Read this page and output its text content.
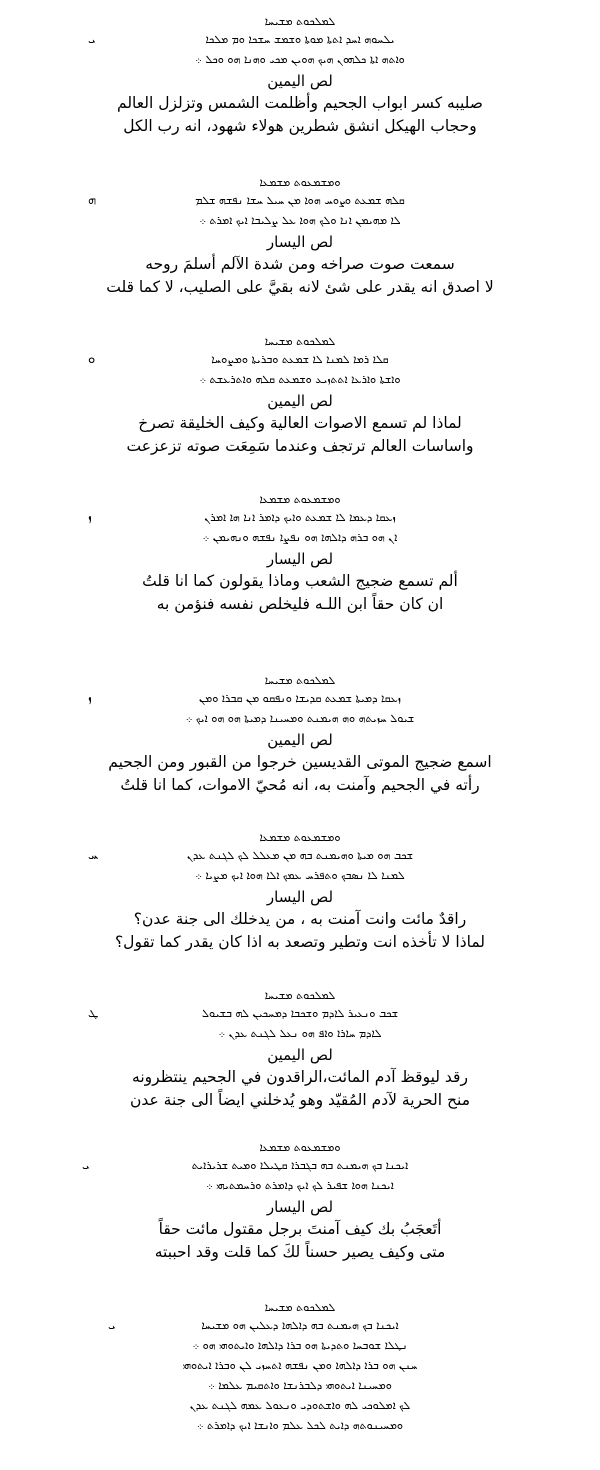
ܠܡܠܟܘܬ ܡܫܝܚܐ
ܝܠܚܘܗ ܐܚܕ ܐܬܬܐ ܡܘܬܐ ܘܫܡܫ ܚܫܟܐ ܘܡ ܡܠܟܐ
ܝ
ܘܐܬܗ ܐܬܐ ܟܠܗܘܢ ܗܝܟ ܗܘܝܢ ܡܟܝ ܘܗܢܐ ܗܘ ܘܟܠ ܀
لص اليمين
صليبه كسر ابواب الجحيم وأظلمت الشمس وتزلزل العالم
وحجاب الهيكل انشق شطرين هولاء شهود، انه رب الكل
ܘܡܫܡܥܘܬ ܡܫܡܥܐ
ܩܠܗ ܫܡܥܬ ܘܨܘܚ ܗܘܐ ܡܢ ܚܝܠ ܚܫܐ ܢܦܫܗ ܫܠܡ
ܗ
ܠܐ ܡܗܝܡܢ ܐܢܐ ܘܠܟ ܗܘܐ ܥܠ ܨܠܝܒܐ ܐܝܟ ܐܡܪܬ ܀
لص اليسار
سمعت صوت صراخه ومن شدة الآلم أسلمَ روحه
لا اصدق انه يقدر على شئ لانه بقيَّ على الصليب، لا كما قلت
ܠܡܠܟܘܬ ܡܫܝܚܐ
ܩܠܐ ܪܡܐ ܠܡܢܐ ܠܐ ܫܡܥܬ ܘܒܪܝܬܐ ܘܡܨܘܚܐ
ܘ
ܘܐܫܬܐ ܘܐܪܥܐ ܐܬܬܙܝܥ ܘܫܡܥܬ ܩܠܗ ܘܐܬܪܥܫܬ ܀
لص اليمين
لماذا لم تسمع الاصوات العالية وكيف الخليقة تصرخ
واساسات العالم ترتجف وعندما سَمِعَت صوته تزعزعت
ܘܡܫܡܥܘܬ ܡܫܡܥܐ
ܙܥܩܐ ܕܥܡܐ ܠܐ ܫܡܥܬ ܘܐܝܟ ܕܐܡܪ ܐܢܐ ܗܐ ܐܡܪܢ
ܙ
ܐܢ ܗܘ ܒܪܗ ܕܐܠܗܐ ܗܘ ܢܦܨܐ ܢܦܫܗ ܘܢܗܝܡܢ ܀
لص اليسار
ألم تسمع ضجيج الشعب وماذا يقولون كما انا قلتُ
ان كان حقاً ابن اللـه فليخلص نفسه فنؤمن به
ܠܡܠܟܘܬ ܡܫܝܚܐ
ܙܥܩܐ ܕܡܝܬܐ ܫܡܥܬ ܩܕܝܫܐ ܘܢܦܩܘ ܡܢ ܩܒܪܐ ܘܡܢ
ܙ
ܫܝܘܠ ܚܙܝܬܗ ܘܗ ܗܝܡܢܬ ܘܡܚܝܢܐ ܕܡܝܬܐ ܗܘ ܗܘ ܐܝܟ ܀
لص اليمين
اسمع ضجيج الموتى القديسين خرجوا من القبور ومن الجحيم
رأته في الجحيم وآمنت به، انه مُحيّ الاموات، كما انا قلتُ
ܘܡܫܡܥܘܬ ܡܫܡܥܐ
ܫܟܒ ܗܘ ܡܝܬܐ ܘܗܝܡܢܬ ܒܗ ܡܢ ܡܥܠܠ ܠܟ ܠܓܢܬ ܥܕܢ
ܚ
ܠܡܢܐ ܠܐ ܢܣܒܟ ܘܬܦܪܚ ܥܡܟ ܐܠܐ ܗܘܐ ܐܝܟ ܡܨܝܐ ܀
لص اليسار
راقدٌ مائت وانت آمنت به ، من يدخلك الى جنة عدن؟
لماذا لا تأخذه انت وتطير وتصعد به اذا كان يقدر كما تقول؟
ܠܡܠܟܘܬ ܡܫܝܚܐ
ܫܟܒ ܘܢܥܝܪ ܠܐܕܡ ܘܫܟܒܐ ܕܡܚܟܝܢ ܠܗ ܒܫܝܘܠ
ܛ
ܠܐܕܡ ܚܐܪܐ ܘܐܦ ܗܘ ܢܥܠ ܠܓܢܬ ܥܕܢ ܀
لص اليمين
رقد ليوقظ آدم المائت،الراقدون في الجحيم ينتظرونه
منح الحرية لآدم المُقيّد وهو يُدخلني ايضاً الى جنة عدن
ܘܡܫܡܥܘܬ ܡܫܡܥܐ
ܐܝܟܢܐ ܒܟ ܗܝܡܢܬ ܒܗ ܒܓܒܪܐ ܩܛܝܠܐ ܘܡܝܬ ܫܪܝܪܐܝܬ
ܝ
ܐܝܟܢܐ ܗܘܐ ܫܦܝܪ ܠܟ ܐܝܟ ܕܐܡܪܬ ܘܪܚܡܬܝܗܝ ܀
لص اليسار
أتَعجَبُ بك كيف آمنتَ برجل مقتول مائت حقاً
متى وكيف يصير حسناً لكَ كما قلت وقد احببته
ܠܡܠܟܘܬ ܡܫܝܚܐ
ܐܝܟܢܐ ܒܟ ܗܝܡܢܬ ܒܗ ܕܐܠܗܐ ܕܥܠܝܢ ܗܘ ܡܫܝܚܐ
ܝ
ܢܛܠܐ ܫܘܒܚܐ ܘܬܕܝܬܐ ܗܘ ܒܪܐ ܕܐܠܗܐ ܘܐܝܬܘܗܝ ܗܘ ܀
ܚܢܢ ܗܘ ܒܪܐ ܕܐܠܗܐ ܘܡܢ ܢܦܫܗ ܐܬܚܙܝ ܠܢ ܘܒܪܐ ܐܝܬܘܗܝ
ܘܡܚܝܢܐ ܐܝܬܘܗܝ ܕܠܒܪܢܫܐ ܘܐܬܩܝܡ ܥܠܡܐ ܀
ܠܟ ܐܡܠܘܟܝ ܠܗ ܘܐܫܬܘܕܝ ܘܢܥܘܠ ܥܡܗ ܠܓܢܬ ܥܕܢ
ܘܡܚܝܢܘܬܗ ܕܐܝܬ ܠܟܠ ܥܠܡ ܘܐܢܫܐ ܐܝܟ ܕܐܡܪܬ ܀
